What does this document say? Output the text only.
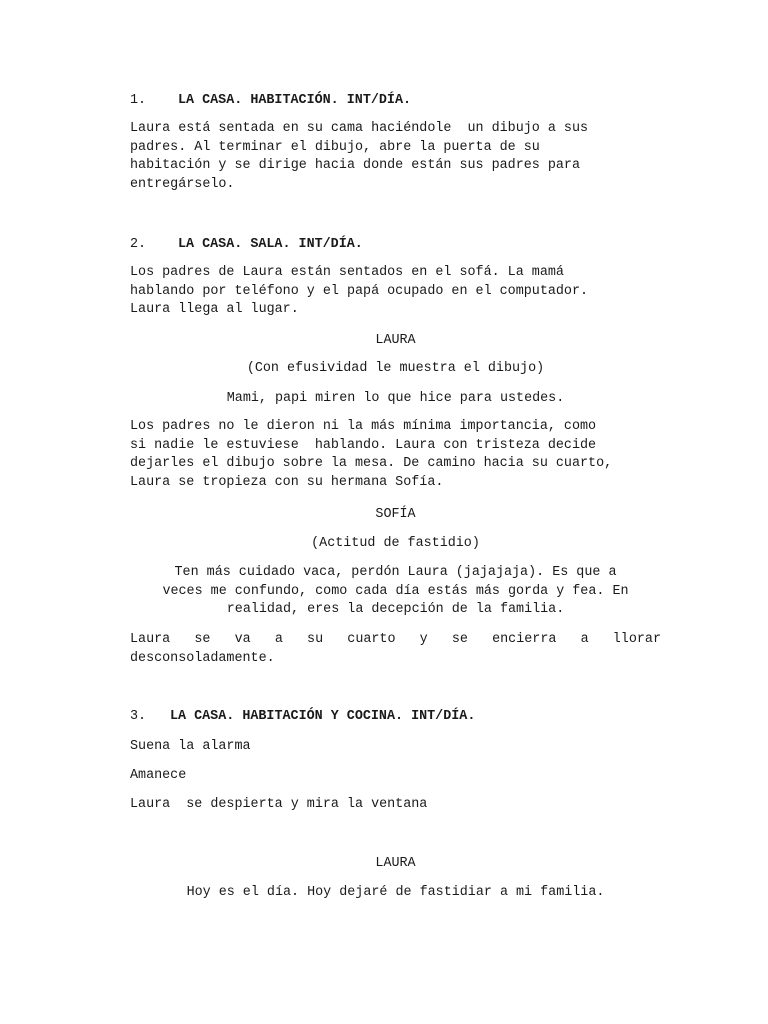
1. LA CASA. HABITACIÓN. INT/DÍA.

Laura está sentada en su cama haciéndole  un dibujo a sus

padres. Al terminar el dibujo, abre la puerta de su

habitación y se dirige hacia donde están sus padres para

entregárselo.

2. LA CASA. SALA. INT/DÍA.

Los padres de Laura están sentados en el sofá. La mamá

hablando por teléfono y el papá ocupado en el computador.

Laura llega al lugar.

LAURA
(Con efusividad le muestra el dibujo)
Mami, papi miren lo que hice para ustedes.

Los padres no le dieron ni la más mínima importancia, como

si nadie le estuviese  hablando. Laura con tristeza decide

dejarles el dibujo sobre la mesa. De camino hacia su cuarto,

Laura se tropieza con su hermana Sofía.

SOFÍA
(Actitud de fastidio)

Ten más cuidado vaca, perdón Laura (jajajaja). Es que a

veces me confundo, como cada día estás más gorda y fea. En

realidad, eres la decepción de la familia.

Laura se va a su cuarto y se encierra a llorar

desconsoladamente.

3. LA CASA. HABITACIÓN Y COCINA. INT/DÍA.
Suena la alarma
Amanece
Laura  se despierta y mira la ventana
LAURA
Hoy es el día. Hoy dejaré de fastidiar a mi familia.
